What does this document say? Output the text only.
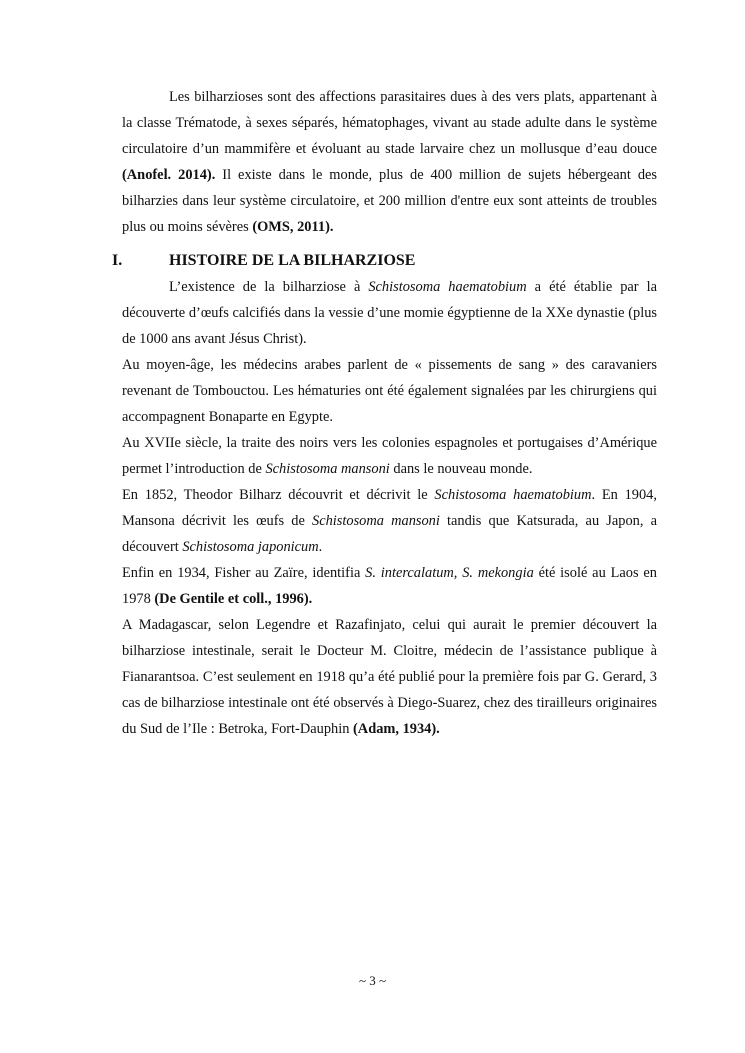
Les bilharzioses sont des affections parasitaires dues à des vers plats, appartenant à la classe Trématode, à sexes séparés, hématophages, vivant au stade adulte dans le système circulatoire d’un mammifère et évoluant au stade larvaire chez un mollusque d’eau douce (Anofel. 2014). Il existe dans le monde, plus de 400 million de sujets hébergeant des bilharzies dans leur système circulatoire, et 200 million d'entre eux sont atteints de troubles plus ou moins sévères (OMS, 2011).

I.	HISTOIRE DE LA BILHARZIOSE

L’existence de la bilharziose à Schistosoma haematobium a été établie par la découverte d’œufs calcifiés dans la vessie d’une momie égyptienne de la XXe dynastie (plus de 1000 ans avant Jésus Christ).

Au moyen-âge, les médecins arabes parlent de « pissements de sang » des caravaniers revenant de Tombouctou. Les hématuries ont été également signalées par les chirurgiens qui accompagnent Bonaparte en Egypte.

Au XVIIe siècle, la traite des noirs vers les colonies espagnoles et portugaises d’Amérique permet l’introduction de Schistosoma mansoni dans le nouveau monde.

En 1852, Theodor Bilharz découvrit et décrivit le Schistosoma haematobium. En 1904, Mansona décrivit les œufs de Schistosoma mansoni tandis que Katsurada, au Japon, a découvert Schistosoma japonicum.

Enfin en 1934, Fisher au Zaïre, identifia S. intercalatum, S. mekongia été isolé au Laos en 1978 (De Gentile et coll., 1996).

A Madagascar, selon Legendre et Razafinjato, celui qui aurait le premier découvert la bilharziose intestinale, serait le Docteur M. Cloitre, médecin de l’assistance publique à Fianarantsoa. C’est seulement en 1918 qu’a été publié pour la première fois par G. Gerard, 3 cas de bilharziose intestinale ont été observés à Diego-Suarez, chez des tirailleurs originaires du Sud de l’Ile : Betroka, Fort-Dauphin (Adam, 1934).

~ 3 ~
